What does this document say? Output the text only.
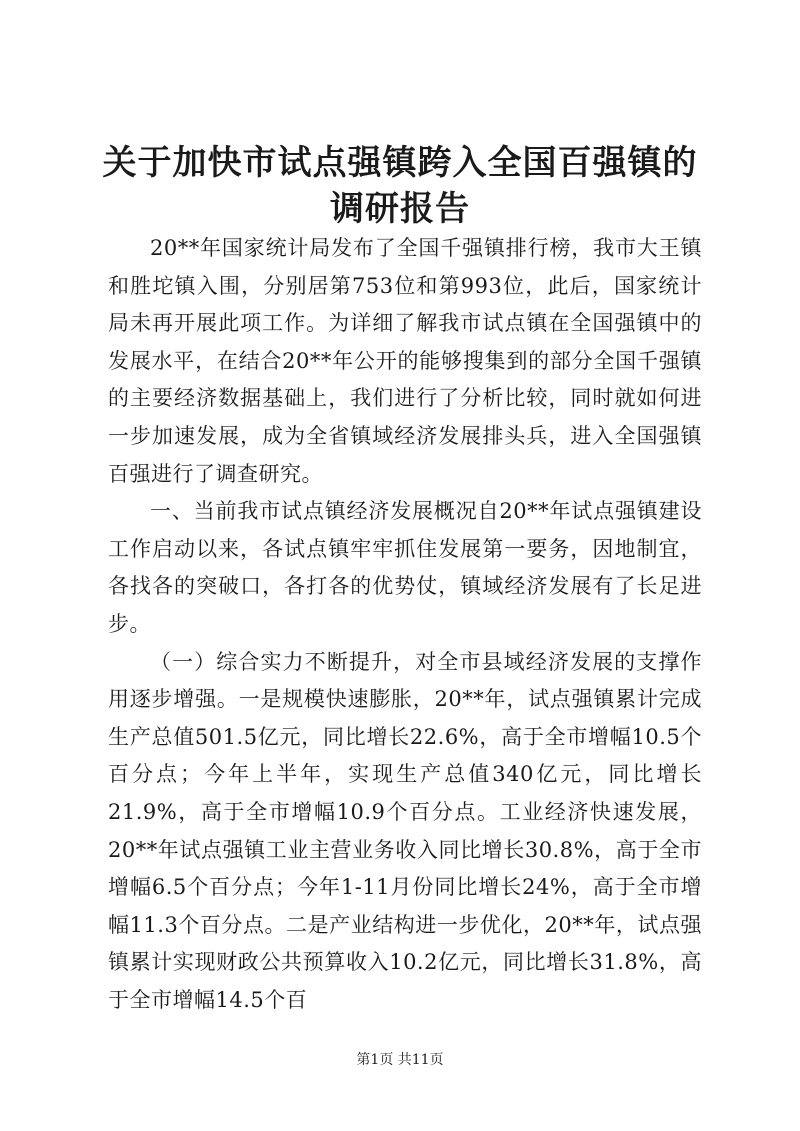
关于加快市试点强镇跨入全国百强镇的调研报告

20**年国家统计局发布了全国千强镇排行榜，我市大王镇和胜坨镇入围，分别居第753位和第993位，此后，国家统计局未再开展此项工作。为详细了解我市试点镇在全国强镇中的发展水平，在结合20**年公开的能够搜集到的部分全国千强镇的主要经济数据基础上，我们进行了分析比较，同时就如何进一步加速发展，成为全省镇域经济发展排头兵，进入全国强镇百强进行了调查研究。

一、当前我市试点镇经济发展概况自20**年试点强镇建设工作启动以来，各试点镇牢牢抓住发展第一要务，因地制宜，各找各的突破口，各打各的优势仗，镇域经济发展有了长足进步。

（一）综合实力不断提升，对全市县域经济发展的支撑作用逐步增强。一是规模快速膨胀，20**年，试点强镇累计完成生产总值501.5亿元，同比增长22.6%，高于全市增幅10.5个百分点；今年上半年，实现生产总值340亿元，同比增长21.9%，高于全市增幅10.9个百分点。工业经济快速发展，20**年试点强镇工业主营业务收入同比增长30.8%，高于全市增幅6.5个百分点；今年1-11月份同比增长24%，高于全市增幅11.3个百分点。二是产业结构进一步优化，20**年，试点强镇累计实现财政公共预算收入10.2亿元，同比增长31.8%，高于全市增幅14.5个百

第1页 共11页
